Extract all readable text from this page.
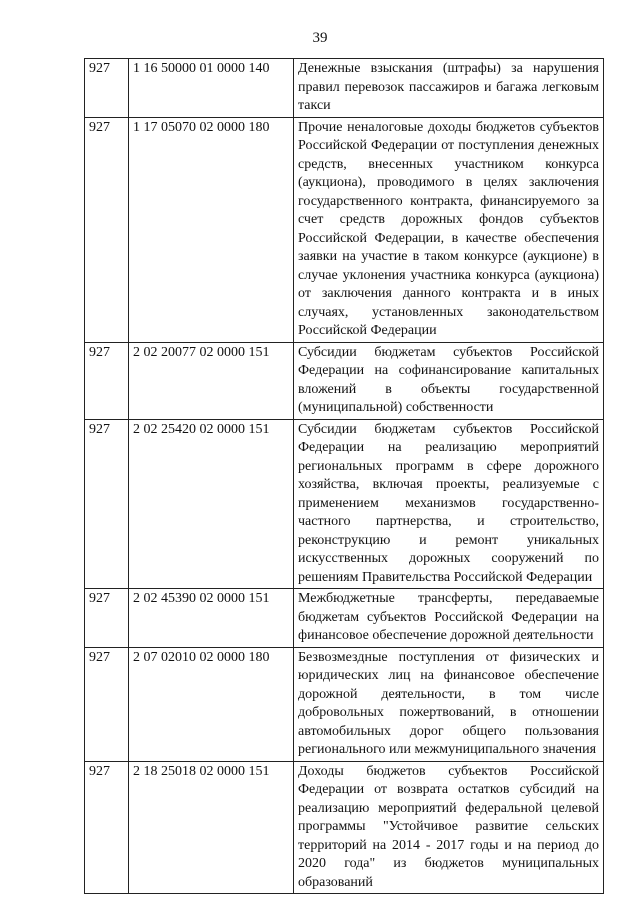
39
927	1 16 50000 01 0000 140	Денежные взыскания (штрафы) за нарушения правил перевозок пассажиров и багажа легковым такси
927	1 17 05070 02 0000 180	Прочие неналоговые доходы бюджетов субъектов Российской Федерации от поступления денежных средств, внесенных участником конкурса (аукциона), проводимого в целях заключения государственного контракта, финансируемого за счет средств дорожных фондов субъектов Российской Федерации, в качестве обеспечения заявки на участие в таком конкурсе (аукционе) в случае уклонения участника конкурса (аукциона) от заключения данного контракта и в иных случаях, установленных законодательством Российской Федерации
927	2 02 20077 02 0000 151	Субсидии бюджетам субъектов Российской Федерации на софинансирование капитальных вложений в объекты государственной (муниципальной) собственности
927	2 02 25420 02 0000 151	Субсидии бюджетам субъектов Российской Федерации на реализацию мероприятий региональных программ в сфере дорожного хозяйства, включая проекты, реализуемые с применением механизмов государственно-частного партнерства, и строительство, реконструкцию и ремонт уникальных искусственных дорожных сооружений по решениям Правительства Российской Федерации
927	2 02 45390 02 0000 151	Межбюджетные трансферты, передаваемые бюджетам субъектов Российской Федерации на финансовое обеспечение дорожной деятельности
927	2 07 02010 02 0000 180	Безвозмездные поступления от физических и юридических лиц на финансовое обеспечение дорожной деятельности, в том числе добровольных пожертвований, в отношении автомобильных дорог общего пользования регионального или межмуниципального значения
927	2 18 25018 02 0000 151	Доходы бюджетов субъектов Российской Федерации от возврата остатков субсидий на реализацию мероприятий федеральной целевой программы "Устойчивое развитие сельских территорий на 2014 - 2017 годы и на период до 2020 года" из бюджетов муниципальных образований
